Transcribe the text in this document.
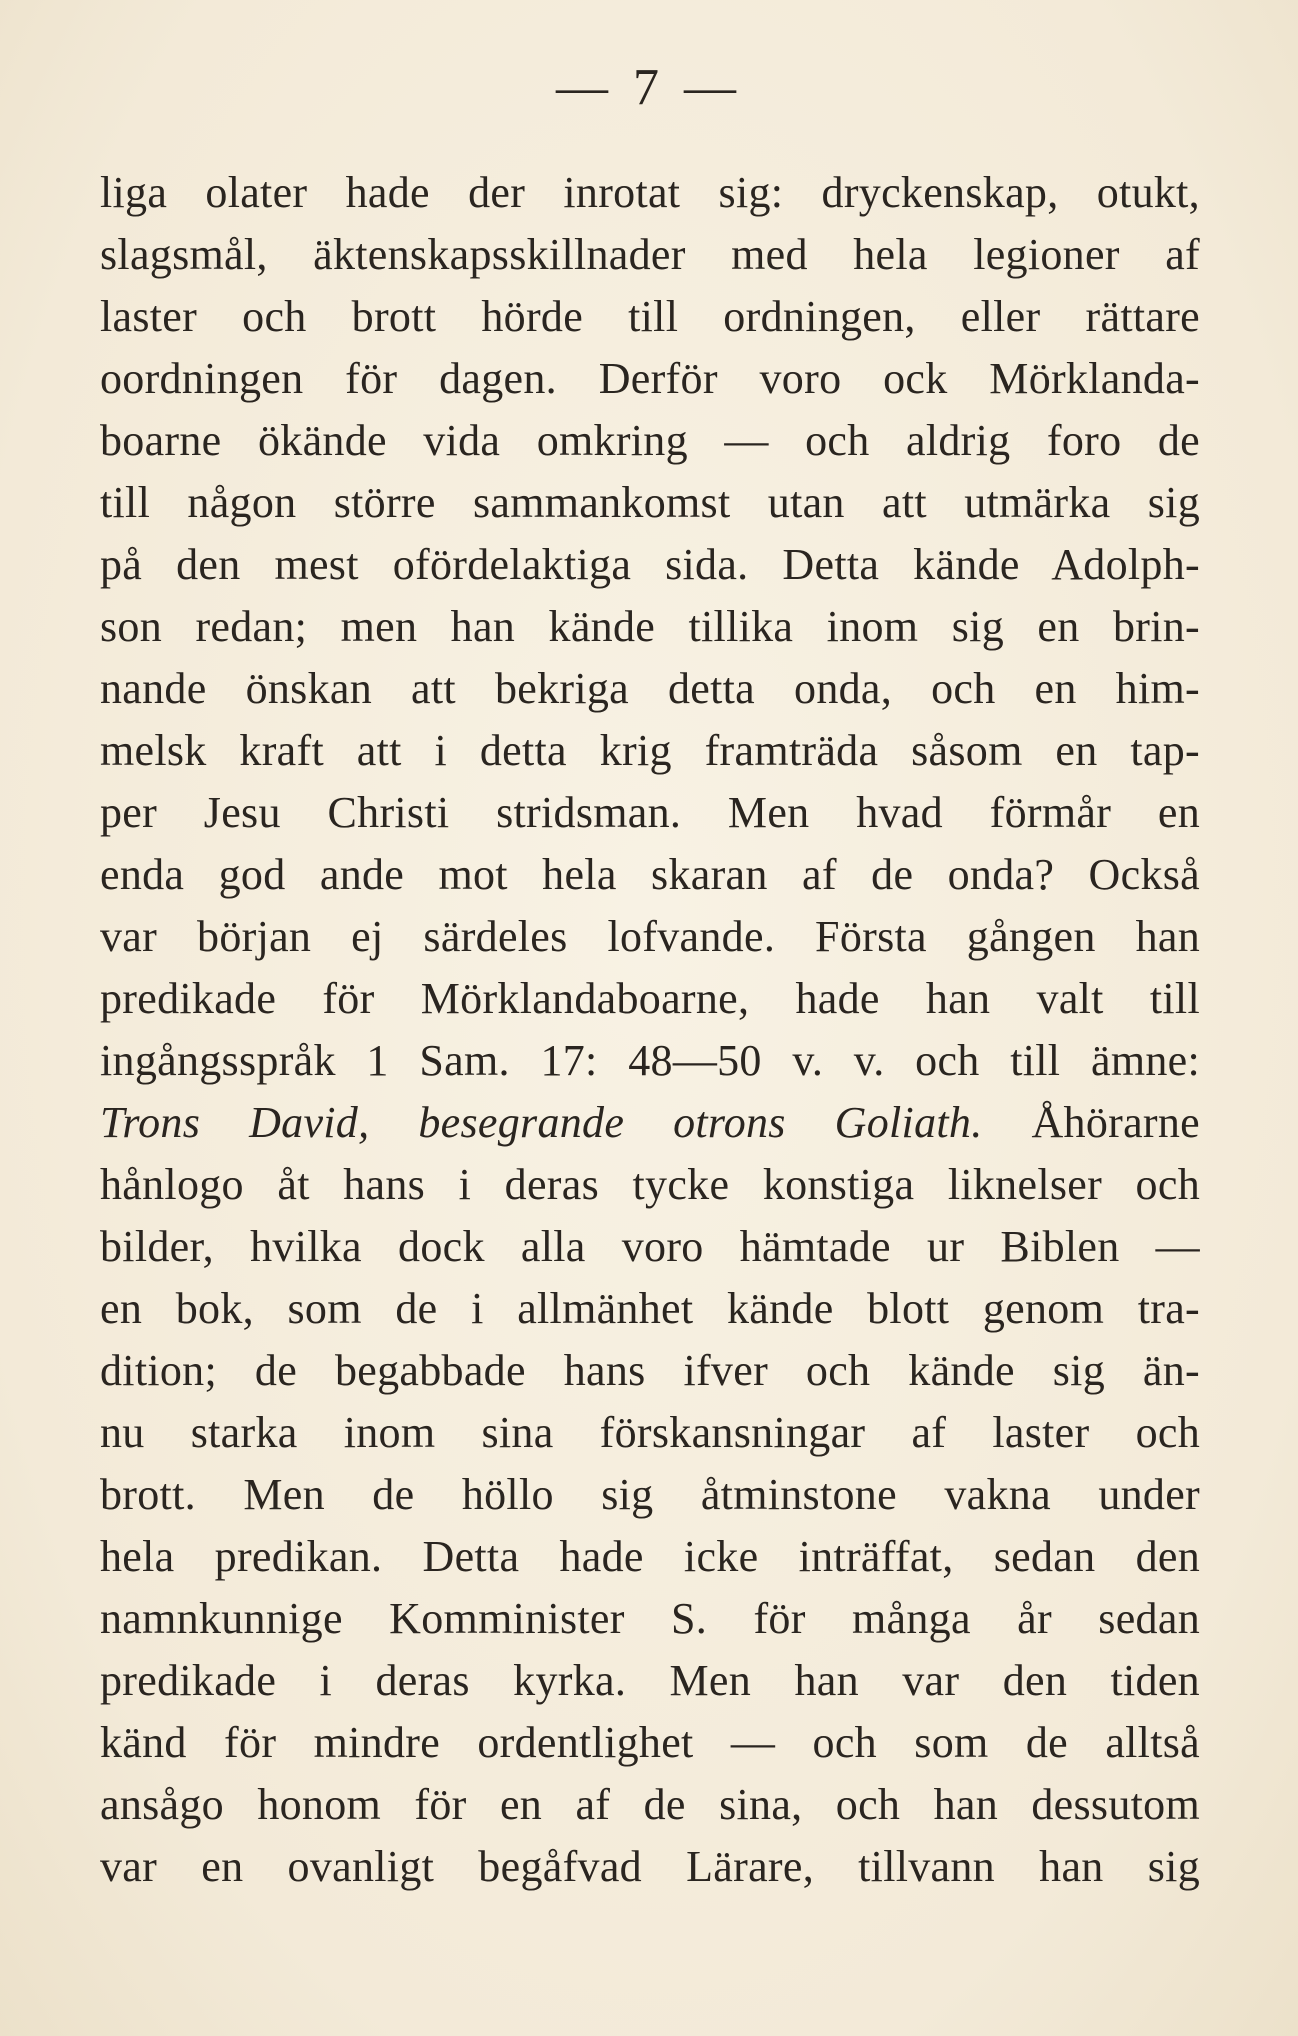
— 7 —
liga olater hade der inrotat sig: dryckenskap, otukt,
slagsmål, äktenskapsskillnader med hela legioner af
laster och brott hörde till ordningen, eller rättare
oordningen för dagen. Derför voro ock Mörklanda-
boarne ökände vida omkring — och aldrig foro de
till någon större sammankomst utan att utmärka sig
på den mest ofördelaktiga sida. Detta kände Adolph-
son redan; men han kände tillika inom sig en brin-
nande önskan att bekriga detta onda, och en him-
melsk kraft att i detta krig framträda såsom en tap-
per Jesu Christi stridsman. Men hvad förmår en
enda god ande mot hela skaran af de onda? Också
var början ej särdeles lofvande. Första gången han
predikade för Mörklandaboarne, hade han valt till
ingångsspråk 1 Sam. 17: 48—50 v. v. och till ämne:
Trons David, besegrande otrons Goliath. Åhörarne
hånlogo åt hans i deras tycke konstiga liknelser och
bilder, hvilka dock alla voro hämtade ur Biblen —
en bok, som de i allmänhet kände blott genom tra-
dition; de begabbade hans ifver och kände sig än-
nu starka inom sina förskansningar af laster och
brott. Men de höllo sig åtminstone vakna under
hela predikan. Detta hade icke inträffat, sedan den
namnkunnige Komminister S. för många år sedan
predikade i deras kyrka. Men han var den tiden
känd för mindre ordentlighet — och som de alltså
ansågo honom för en af de sina, och han dessutom
var en ovanligt begåfvad Lärare, tillvann han sig
